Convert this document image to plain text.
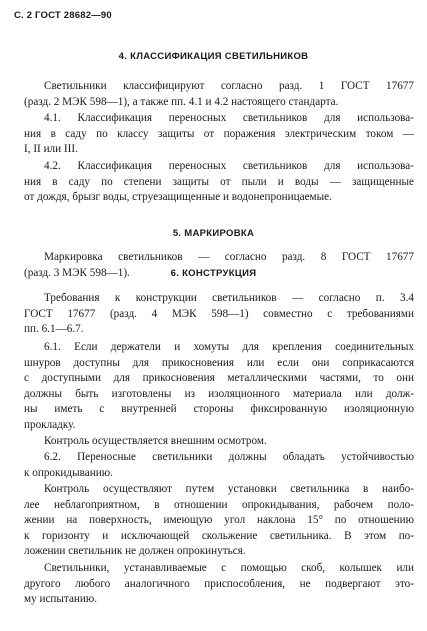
С. 2 ГОСТ 28682—90
4. КЛАССИФИКАЦИЯ СВЕТИЛЬНИКОВ
Светильники классифицируют согласно разд. 1 ГОСТ 17677
(разд. 2 МЭК 598—1), а также пп. 4.1 и 4.2 настоящего стандарта.
4.1. Классификация переносных светильников для использова-
ния в саду по классу защиты от поражения электрическим током —
I, II или III.
4.2. Классификация переносных светильников для использова-
ния в саду по степени защиты от пыли и воды — защищенные
от дождя, брызг воды, струезащищенные и водонепроницаемые.
5. МАРКИРОВКА
Маркировка светильников — согласно разд. 8 ГОСТ 17677
(разд. 3 МЭК 598—1).	6. КОНСТРУКЦИЯ
Требования к конструкции светильников — согласно п. 3.4
ГОСТ 17677 (разд. 4 МЭК 598—1) совместно с требованиями
пп. 6.1—6.7.
6.1. Если держатели и хомуты для крепления соединительных
шнуров доступны для прикосновения или если они соприкасаются
с доступными для прикосновения металлическими частями, то они
должны быть изготовлены из изоляционного материала или долж-
ны иметь с внутренней стороны фиксированную изоляционную
прокладку.
Контроль осуществляется внешним осмотром.
6.2. Переносные светильники должны обладать устойчивостью
к опрокидыванию.
Контроль осуществляют путем установки светильника в наибо-
лее неблагоприятном, в отношении опрокидывания, рабочем поло-
жении на поверхность, имеющую угол наклона 15° по отношению
к горизонту и исключающей скольжение светильника. В этом по-
ложении светильник не должен опрокинуться.
Светильники, устанавливаемые с помощью скоб, колышек или
другого любого аналогичного приспособления, не подвергают это-
му испытанию.
